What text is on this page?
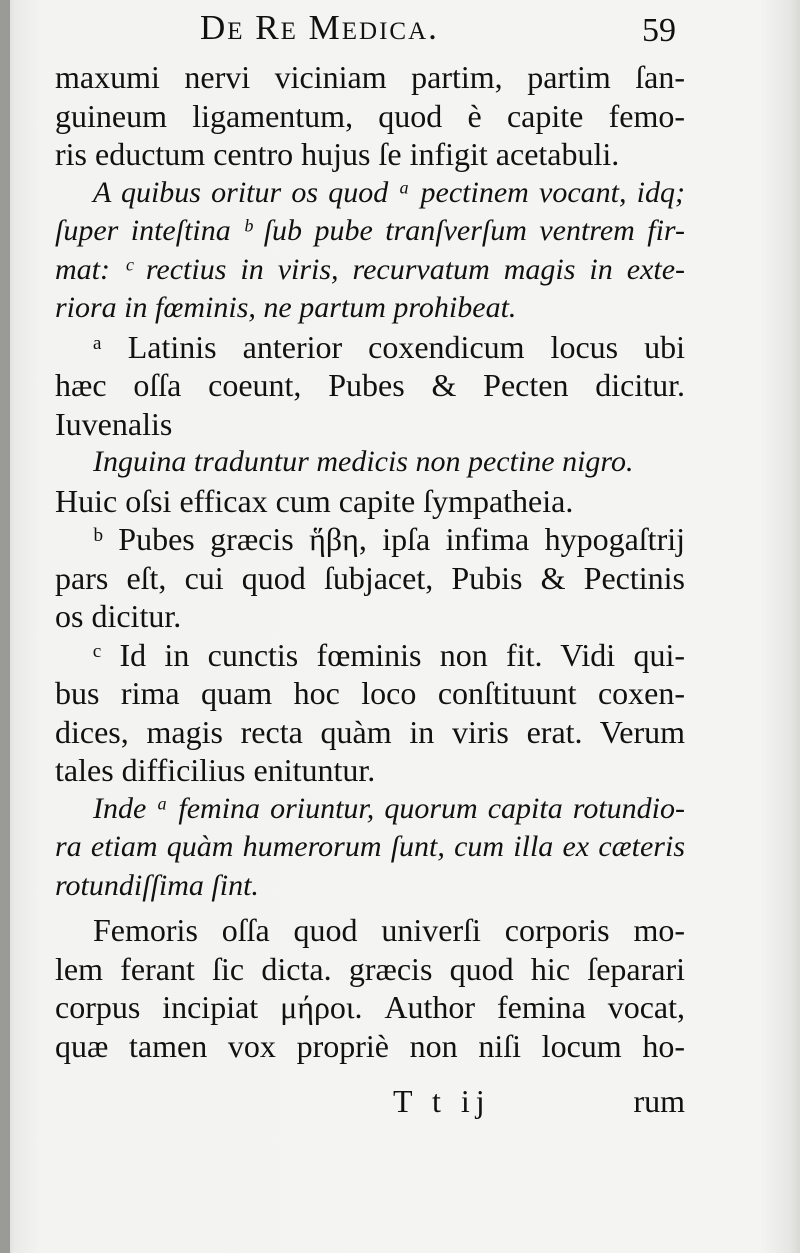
De Re Medica.	59
maxumi nervi viciniam partim, partim ſan-
guineum ligamentum, quod è capite femo-
ris eductum centro hujus ſe infigit acetabuli.
A quibus oritur os quod ᵃ pectinem vocant, idq;
ſuper inteſtina ᵇ ſub pube tranſverſum ventrem fir-
mat: ᶜ rectius in viris, recurvatum magis in exte-
riora in fœminis, ne partum prohibeat.
ᵃ Latinis anterior coxendicum locus ubi
hæc oſſa coeunt, Pubes & Pecten dicitur.
Iuvenalis
Inguina traduntur medicis non pectine nigro.
Huic oſsi efficax cum capite ſympatheia.
ᵇ Pubes græcis ἥβη, ipſa infima hypogaſtrij
pars eſt, cui quod ſubjacet, Pubis & Pectinis
os dicitur.
ᶜ Id in cunctis fœminis non fit. Vidi qui-
bus rima quam hoc loco conſtituunt coxen-
dices, magis recta quàm in viris erat. Verum
tales difficilius enituntur.
Inde ᵃ femina oriuntur, quorum capita rotundio-
ra etiam quàm humerorum ſunt, cum illa ex cæteris
rotundiſſima ſint.
Femoris oſſa quod univerſi corporis mo-
lem ferant ſic dicta. græcis quod hic ſeparari
corpus incipiat μήροι. Author femina vocat,
quæ tamen vox propriè non niſi locum ho-
T t ij	rum
